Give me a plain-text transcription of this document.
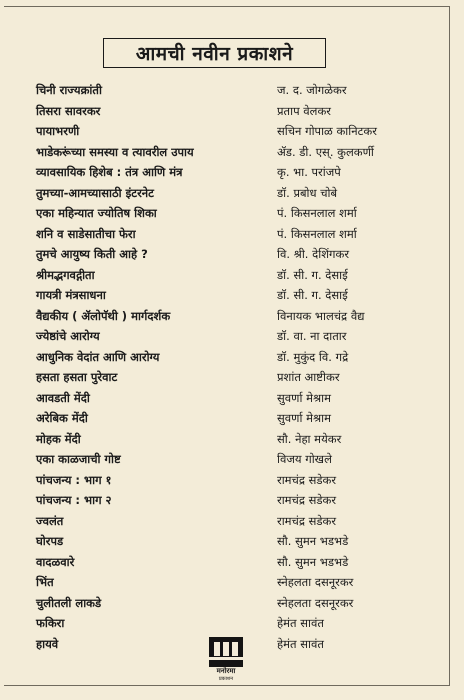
आमची नवीन प्रकाशने
चिनी राज्यक्रांती	ज. द. जोगळेकर
तिसरा सावरकर	प्रताप वेलकर
पायाभरणी	सचिन गोपाळ कानिटकर
भाडेकरूंच्या समस्या व त्यावरील उपाय	ॲड. डी. एस्. कुलकर्णी
व्यावसायिक हिशेब : तंत्र आणि मंत्र	कृ. भा. परांजपे
तुमच्या-आमच्यासाठी इंटरनेट	डॉ. प्रबोध चोबे
एका महिन्यात ज्योतिष शिका	पं. किसनलाल शर्मा
शनि व साडेसातीचा फेरा	पं. किसनलाल शर्मा
तुमचे आयुष्य किती आहे ?	वि. श्री. देशिंगकर
श्रीमद्भगवद्गीता	डॉ. सी. ग. देसाई
गायत्री मंत्रसाधना	डॉ. सी. ग. देसाई
वैद्यकीय ( ॲलोपॅथी ) मार्गदर्शक	विनायक भालचंद्र वैद्य
ज्येष्ठांचे आरोग्य	डॉ. वा. ना दातार
आधुनिक वेदांत आणि आरोग्य	डॉ. मुकुंद वि. गद्रे
हसता हसता पुरेवाट	प्रशांत आष्टीकर
आवडती मेंदी	सुवर्णा मेश्राम
अरेबिक मेंदी	सुवर्णा मेश्राम
मोहक मेंदी	सौ. नेहा मयेकर
एका काळजाची गोष्ट	विजय गोखले
पांचजन्य : भाग १	रामचंद्र सडेकर
पांचजन्य : भाग २	रामचंद्र सडेकर
ज्वलंत	रामचंद्र सडेकर
घोरपड	सौ. सुमन भडभडे
वादळवारे	सौ. सुमन भडभडे
भिंत	स्नेहलता दसनूरकर
चुलीतली लाकडे	स्नेहलता दसनूरकर
फकिरा	हेमंत सावंत
हायवे	हेमंत सावंत
मनोरमा
प्रकाशन
